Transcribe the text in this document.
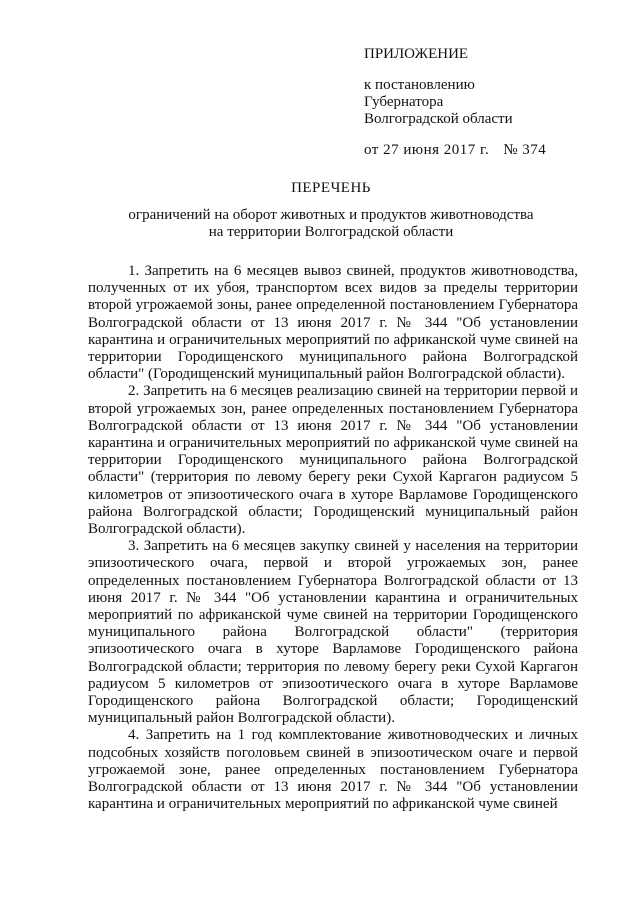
ПРИЛОЖЕНИЕ
к постановлению
Губернатора
Волгоградской области
от 27 июня 2017 г. № 374
ПЕРЕЧЕНЬ
ограничений на оборот животных и продуктов животноводства
на территории Волгоградской области

1. Запретить на 6 месяцев вывоз свиней, продуктов животноводства, полученных от их убоя, транспортом всех видов за пределы территории второй угрожаемой зоны, ранее определенной постановлением Губернатора Волгоградской области от 13 июня 2017 г. № 344 "Об установлении карантина и ограничительных мероприятий по африканской чуме свиней на территории Городищенского муниципального района Волгоградской области" (Городищенский муниципальный район Волгоградской области).

2. Запретить на 6 месяцев реализацию свиней на территории первой и второй угрожаемых зон, ранее определенных постановлением Губернатора Волгоградской области от 13 июня 2017 г. № 344 "Об установлении карантина и ограничительных мероприятий по африканской чуме свиней на территории Городищенского муниципального района Волгоградской области" (территория по левому берегу реки Сухой Каргагон радиусом 5 километров от эпизоотического очага в хуторе Варламове Городищенского района Волгоградской области; Городищенский муниципальный район Волгоградской области).

3. Запретить на 6 месяцев закупку свиней у населения на территории эпизоотического очага, первой и второй угрожаемых зон, ранее определенных постановлением Губернатора Волгоградской области от 13 июня 2017 г. № 344 "Об установлении карантина и ограничительных мероприятий по африканской чуме свиней на территории Городищенского муниципального района Волгоградской области" (территория эпизоотического очага в хуторе Варламове Городищенского района Волгоградской области; территория по левому берегу реки Сухой Каргагон радиусом 5 километров от эпизоотического очага в хуторе Варламове Городищенского района Волгоградской области; Городищенский муниципальный район Волгоградской области).

4. Запретить на 1 год комплектование животноводческих и личных подсобных хозяйств поголовьем свиней в эпизоотическом очаге и первой угрожаемой зоне, ранее определенных постановлением Губернатора Волгоградской области от 13 июня 2017 г. № 344 "Об установлении карантина и ограничительных мероприятий по африканской чуме свиней
